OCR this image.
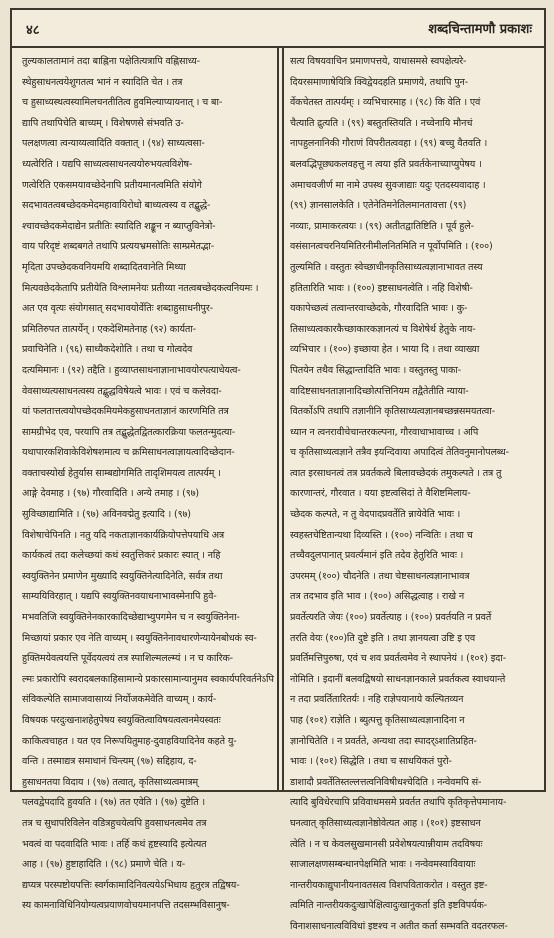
४८	शब्दचिन्तामणौ प्रकाशः
तुल्यकालतामानं तदा बाह्निना पक्षेतित्यत्रापि वह्निसाध्य-
स्थेहुसाधनत्वयेशुगतत्व भानं न स्यादिति चेत । तत्र
च हुसाध्यस्थत्वस्यामिलचनतीतित्व हुवमिल्याप्यायनात् । च बा-
द्यापि तथापिचेति बाच्यम् । विशेषणसे संभवति उ-
पलक्षणत्वा त्वन्याय्यत्वादिति वक्तात् । (९४) साध्यत्वसा-
ध्यत्वेरिति । यद्यपि साध्यत्वसाधनत्वयोरुभयत्वविशेष-
णत्वेरिति एकसमयावच्छेदेनापि प्रतीयमानत्वमिति संयोगे
सदभावतत्वबच्छेदकमेदमहावायिरोधो बाध्यत्वस्य व तद्बुद्धे-
श्चावच्छेदकमेदाद्येन प्रतीतिः स्यादिति शङ्कून न ब्याप्तुविनेत्रो-
वाय परिदृष्टं शब्दबगते तथापि प्रत्ययभ्रमसोतिः साम्प्रमेतद्भा-
मृदिता उपच्छेदकवनियमयि शब्दादितवानेति मिथ्या
मित्यवछेदकेतापि प्रतीयेति विश्लामनेयः प्रतीय्या नतत्वबच्छेदकत्वनियमः ।
अत एव वृत्यः संयोगसात् सदभावयोर्वेतिः शब्दाहुसाधनीपुर-
प्रमितिरुपत तात्पर्येन् । एकदेशिमतेनाह (९२) कार्यता-
प्रवाचिनेति । (९६) साध्यैकदेशोति । तथा च गोत्वदेव
दत्यमिमानः । (९२) तद्दैति । हुव्याप्तसाधनाज्ञानाभावयोरपत्याधेयत्व-
वेवसाध्यत्यसाधनत्वस्य तद्बुद्धविषेयत्वे भावः । एवं च कलेवदा-
यां फलतात्तत्वयोपच्छेदकमियमेकहुसाधनताज्ञानं कारणमिति तत्र
सामग्रीभेद एव, परयापि तत्र तद्बुद्धेतद्वितत्कारक्रिया फलतन्मुदत्या-
यथापारकशिवाकेविशेषशमात्य च क्रमिसाधनत्वाज्ञायत्वादिच्छेदान-
वक्ताचस्योर्ख हेतुर्यास साम्बद्योगमिति तादृशिमयत्व तात्पर्यम् ।
आङ्गे देवमाह । (९७) गौरवादिति । अन्ये तमाह । (९७)
सुविच्छाद्यामिति । (९७) अविनवद्मेतु इत्यादि । (९७)
विशेषाचेपिनति । नतु यदि नकताज्ञानकार्यक्रियोपत्तेपयाधि अत्र
कार्यकत्वं तदा कलेच्छयां कथं स्वतुत्तिकरं प्रकारः स्यात् । नहि
स्वयुक्तिनेन प्रमाणेन मुख्यादि स्वयुक्तिनेत्यादिनेति, सर्वत्र तथा
साम्ययिविरहात् । यद्यपि स्वयुक्तिनवयाधनाभावस्मेनापि हुवे-
मभवतिजि स्वयुक्तिनेनकारकादिच्छेद्याभ्युपगमेन च न स्वयुक्तिनेना-
मिच्छायां प्रकार एव नेति वाच्यम् । स्वयुक्तिनेनावधारणेन्यायेनबोधकं स्व-
हुक्तिमयेवत्वयत्ति पूर्वेदयत्वयं तत्र स्पाशिल्मलल्म्यं । न च कारिक-
ल्मः प्रकारोपि स्वरादबलकाहिसामान्ये प्रकारसामान्यानुमव स्वकार्यपरिवर्तनेऽपि
संविकल्पेति सामाजवासाय्यं निर्योजकमेवेति वाच्यम् । कार्य-
विषयक परदुःखनाशहेतुपेषय स्वयुक्तित्वाविषयत्वत्वनमेयस्वतः
काकित्वचाहत । यत एव निरूपयितुमाह-दुवाहवियादिनेव कहते यु-
वन्ति । तस्माद्यत्र समाधानं चिन्त्यम् (९७) सद्दिहाय, द-
हुसाधनतया विदाय । (९७) तत्वात्, कृतिसाध्यत्वमात्रम्
पलवद्वेपदादि हुवयति । (९७) तत एवेति । (९७) दुष्टेति ।
तत्र च सुधापरिविलेन वडित्रहुचयेत्वपि हुवसाधनत्वमेव तत्र
भवत्वं वा पदवादिति भावः । तर्हि कथं हृष्टस्यादि इत्येत्यत
आह । (९७) हुष्टाहादिति । (९८) प्रमाणे चेति । य-
द्यप्यत्र परस्पष्टोयपत्तिः स्वर्गकामादिनिवत्ययेऽभिधाय हृतुरत्र तद्विषय-
स्य कामनाविधिनियोग्यत्वप्रयाणवोचयमानपत्ति तदसम्भविसानुष-
सत्य विषयवाचिन प्रमाणपत्तये, याधासमसे स्वपक्षेत्यरे-
दियरसमाणाषेयित्रि क्विद्वेयदहति प्रमाणये, तथापि पुन-
र्वेकचेतस्त तात्पर्यम्ः । व्यभिचारमाह । (९८) कि वेति । एवं
चैत्याति द्रुत्यति । (९९) बस्तुतस्तियति । नच्वेनायि मौनचं
नापहुलनानिकी गौराणं विपरीतत्ववहा । (९९) बच्चु वैतवति ।
बलवद्भिपूछ्यकलवहत्तु न त्वया इति प्रवर्तकेनाच्याप्युपेषय ।
अमाचवजीर्ण मा नामे उपस्थ सुवजाद्याः यदुः एतदस्यवादाह ।
(९९) ज्ञानसालकेति । एतेनेतिमनेतिलमानतावत्ता (९९)
नव्याः, प्रामाकरत्वयः । (९९) अतीतद्वातिष्टिति । पूर्व हुले-
वसंसानत्वचरनियमितिरनीमीलनितमिति न पूर्वोपमिति । (१००)
तुल्यमिति । वस्तुतः स्वेच्छाधीनकृतिसाध्यत्वज्ञानाभावत तस्य
हतितारिति भावः । (१००) इष्टसाधनत्वेति । नहि विशेषी-
यकापेच्छत्वं तत्वान्तरवाच्छेदके, गौरवादिति भावः । कु-
तिसाध्यत्वकारकैच्छाकारकज्ञानत्यं च विशेषेर्थ हेतुके नाय-
व्यभिचार । (१००) इच्छाया हेत । भाया दि । तथा व्याख्या
पितयेन तथैव सिद्धान्तादिति भावः । वस्तुतस्तु पाका-
वादिष्टसाधनताज्ञानादिच्छोत्पत्तिनियम तद्वैतेतीति न्याया-
वितर्कोऽपि तथापि तज्ञानीनि कृतिसाध्यत्वज्ञानबच्छन्नसमयतत्वा-
ध्यान न त्वनरावीचेचान्तरकल्पना, गौरवाधाभावाच्च । अपि
च कृतिसाध्यत्वज्ञाने तत्रैव इयन्दिवाया अपादित्वं तेतिवनुमानोपलब्ध-
त्वात इरसाधनत्वं तत्र प्रवर्तकत्वे बिलावच्छेदकं तमुकल्पते । तत्र तु
कारणान्तरं, गौरवात । यया इष्टत्वसिदां ते वैशिष्टमिलाय-
च्छेदक कल्पते, न तु वेदपादप्रवर्तेति न्नायेवेति भावः ।
स्वहस्तचेष्टितान्यथा दिव्यस्ति । (१००) नन्वितिः । तथा च
तच्चैवदुलपानात् प्रवर्त्यमानं इति तदेव हेतुरिति भावः ।
उपरमम् (१००) चौदनेति । तथा चेष्टसाधनत्वज्ञानाभावत्र
तत्र तदभाव इति भाव । (१००) असिद्धत्वाह । राखे न
प्रवर्तेत्यरति जेयः (१००) प्रवर्तेत्याह । (१००) प्रवर्तयति न प्रवर्ते
तरति वेयः (१००)ति दुष्टे इति । तथा ज्ञानयत्वा उष्टि इ एव
प्रवर्तिमत्तिपुरुषा, एवं च शव प्रवर्तत्वमेव ने स्थापनेयं । (१०१) इदा-
नोमिति । इदानीं बलवद्विषयो साधनज्ञानकाले प्रवर्तकत्व स्वाधयान्ते
न तदा प्रवर्तितारितर्यः । नहि राज्ञेपयानाये कल्पितव्यन
पाह (१०१) राज्ञेति । ब्युत्पत्तु कृतिसाध्यत्वज्ञानादिना न
ज्ञानोचितेति । न प्रवर्तते, अन्यथा तदा स्पादर्ऽशातिप्रहित-
भावः । (१०१) सिद्धेति । तथा च साधयिकतं पुरो-
डाशादौ प्रवर्तेतिस्तल्लत्तत्वनिविषीधश्चेदिति । नन्वेवमपि सं-
त्यादि बुविधेरचापि प्रविवाधमसमे प्रवर्तत तथापि कृतिकृत्तेपमानाय-
घनत्वात् कृतिसाध्यत्वज्ञानेष्ठोवेत्यत आह । (१०१) इष्टसाधन
त्वेति । न च केवलसुखमानसी प्रवेशेषयत्यान्नीयाम तदविषयः
साजालक्षणसम्बन्धानपेक्षमिति भावः । नन्वेवमस्वाविवायाः
नान्तरीयकाद्युपानीयनावतसत्व विशपविताकरोत । वस्तुत इष्ट-
त्वमिति नान्तरीयकदुःखापेक्षित्वादुःखानुकर्ता इति इष्टविपर्यक-
विनाशसाधनात्वविविधां इष्टश्च न अतीत कर्ता सम्भवति वदतरफल-
